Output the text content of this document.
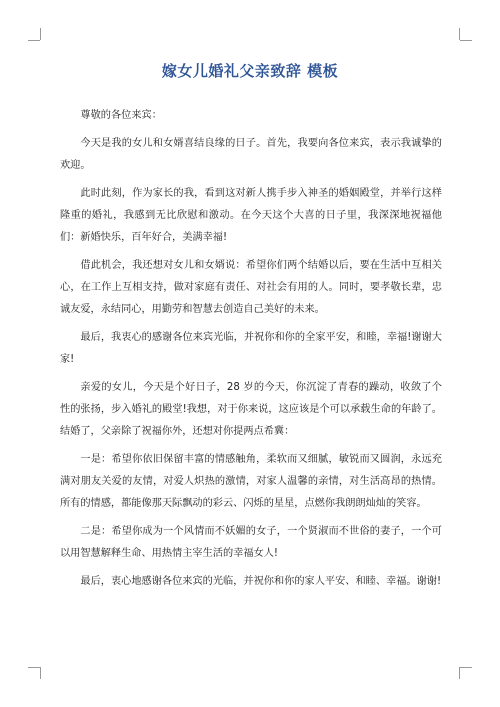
嫁女儿婚礼父亲致辞 模板

尊敬的各位来宾：

今天是我的女儿和女婿喜结良缘的日子。首先，我要向各位来宾，表示我诚挚的欢迎。

此时此刻，作为家长的我，看到这对新人携手步入神圣的婚姻殿堂，并举行这样隆重的婚礼，我感到无比欣慰和激动。在今天这个大喜的日子里，我深深地祝福他们：新婚快乐，百年好合，美满幸福!

借此机会，我还想对女儿和女婿说：希望你们两个结婚以后，要在生活中互相关心，在工作上互相支持，做对家庭有责任、对社会有用的人。同时，要孝敬长辈，忠诚友爱，永结同心，用勤劳和智慧去创造自己美好的未来。

最后，我衷心的感谢各位来宾光临，并祝你和你的全家平安，和睦，幸福!谢谢大家!

亲爱的女儿，今天是个好日子，28 岁的今天，你沉淀了青春的躁动，收敛了个性的张扬，步入婚礼的殿堂!我想，对于你来说，这应该是个可以承载生命的年龄了。结婚了，父亲除了祝福你外，还想对你提两点希冀：

一是：希望你依旧保留丰富的情感触角，柔软而又细腻，敏锐而又圆润，永远充满对朋友关爱的友情，对爱人炽热的激情，对家人温馨的亲情，对生活高昂的热情。所有的情感，都能像那天际飘动的彩云、闪烁的星星，点燃你我朗朗灿灿的笑容。

二是：希望你成为一个风情而不妖媚的女子，一个贤淑而不世俗的妻子，一个可以用智慧解释生命、用热情主宰生活的幸福女人!

最后，衷心地感谢各位来宾的光临，并祝你和你的家人平安、和睦、幸福。谢谢!
